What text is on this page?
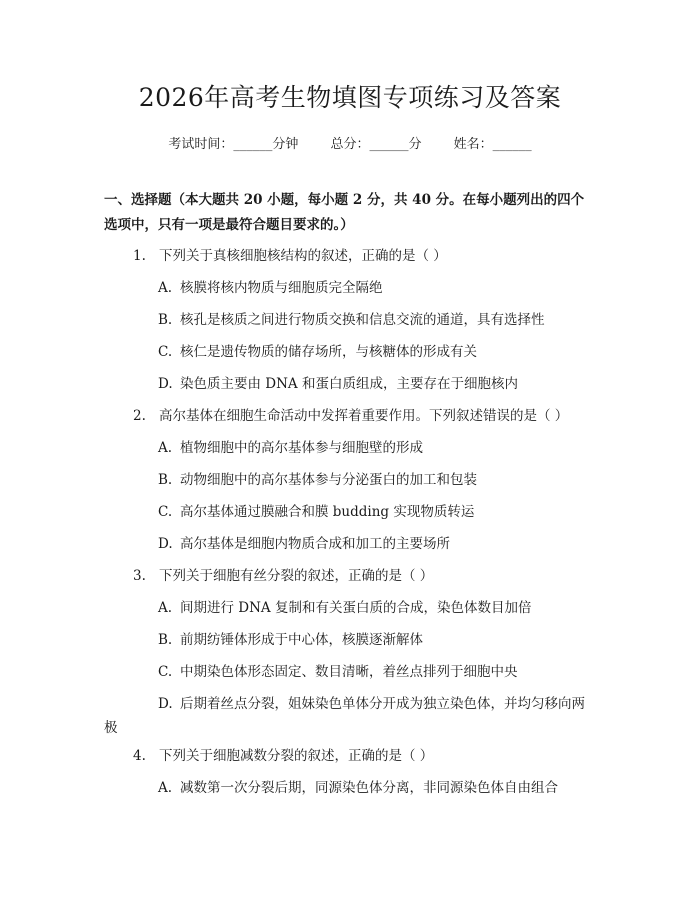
2026年高考生物填图专项练习及答案
考试时间：______分钟 总分：______分 姓名：______
一、选择题（本大题共 20 小题，每小题 2 分，共 40 分。在每小题列出的四个选项中，只有一项是最符合题目要求的。）
1. 下列关于真核细胞核结构的叙述，正确的是（ ）
A. 核膜将核内物质与细胞质完全隔绝
B. 核孔是核质之间进行物质交换和信息交流的通道，具有选择性
C. 核仁是遗传物质的储存场所，与核糖体的形成有关
D. 染色质主要由 DNA 和蛋白质组成，主要存在于细胞核内
2. 高尔基体在细胞生命活动中发挥着重要作用。下列叙述错误的是（ ）
A. 植物细胞中的高尔基体参与细胞壁的形成
B. 动物细胞中的高尔基体参与分泌蛋白的加工和包装
C. 高尔基体通过膜融合和膜 budding 实现物质转运
D. 高尔基体是细胞内物质合成和加工的主要场所
3. 下列关于细胞有丝分裂的叙述，正确的是（ ）
A. 间期进行 DNA 复制和有关蛋白质的合成，染色体数目加倍
B. 前期纺锤体形成于中心体，核膜逐渐解体
C. 中期染色体形态固定、数目清晰，着丝点排列于细胞中央
D. 后期着丝点分裂，姐妹染色单体分开成为独立染色体，并均匀移向两
极
4. 下列关于细胞减数分裂的叙述，正确的是（ ）
A. 减数第一次分裂后期，同源染色体分离，非同源染色体自由组合
